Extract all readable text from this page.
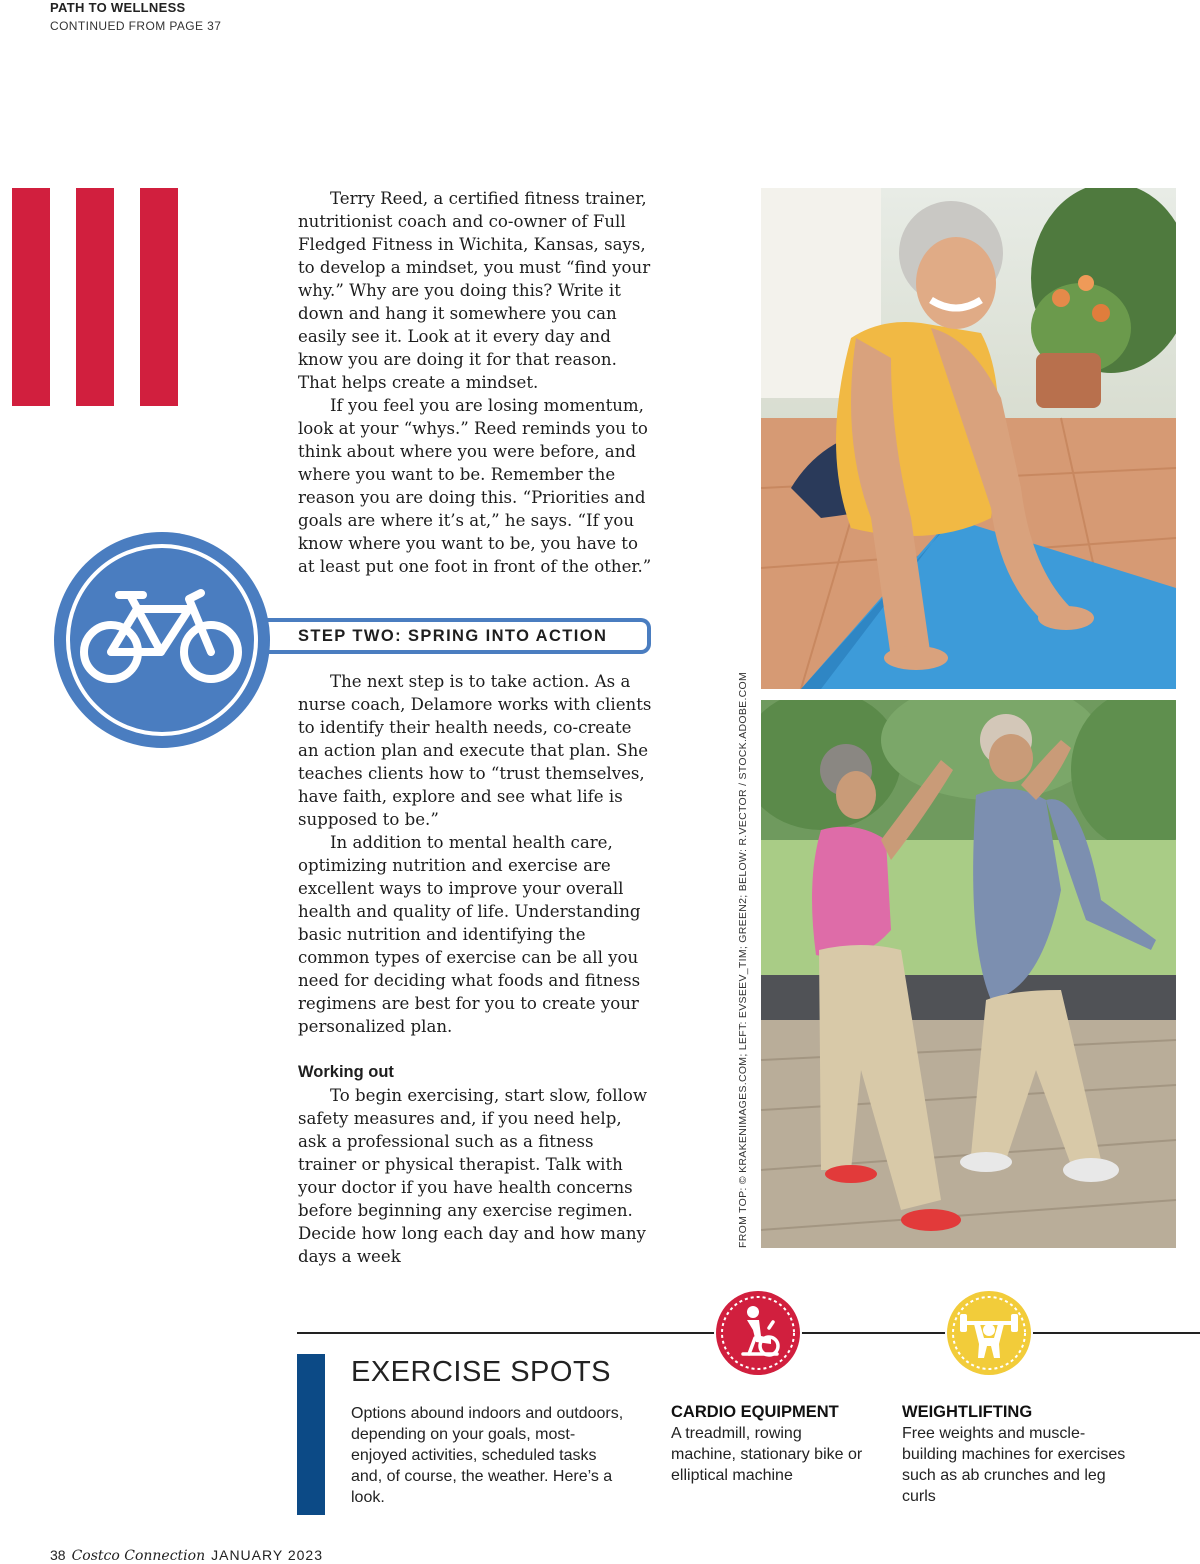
PATH TO WELLNESS
CONTINUED FROM PAGE 37

Terry Reed, a certified fitness trainer, nutritionist coach and co-owner of Full Fledged Fitness in Wichita, Kansas, says, to develop a mindset, you must “find your why.” Why are you doing this? Write it down and hang it somewhere you can easily see it. Look at it every day and know you are doing it for that reason. That helps create a mindset.

If you feel you are losing momentum, look at your “whys.” Reed reminds you to think about where you were before, and where you want to be. Remember the reason you are doing this. “Priorities and goals are where it’s at,” he says. “If you know where you want to be, you have to at least put one foot in front of the other.”

STEP TWO: SPRING INTO ACTION

The next step is to take action. As a nurse coach, Delamore works with clients to identify their health needs, co-create an action plan and execute that plan. She teaches clients how to “trust themselves, have faith, explore and see what life is supposed to be.”

In addition to mental health care, optimizing nutrition and exercise are excellent ways to improve your overall health and quality of life. Understanding basic nutrition and identifying the common types of exercise can be all you need for deciding what foods and fitness regimens are best for you to create your personalized plan.

Working out

To begin exercising, start slow, follow safety measures and, if you need help, ask a professional such as a fitness trainer or physical therapist. Talk with your doctor if you have health concerns before beginning any exercise regimen. Decide how long each day and how many days a week

FROM TOP: © KRAKENIMAGES.COM; LEFT: EVSEEV_TIM; GREEN2; BELOW: R.VECTOR / STOCK.ADOBE.COM
EXERCISE SPOTS
Options abound indoors and outdoors, depending on your goals, most-enjoyed activities, scheduled tasks and, of course, the weather. Here’s a look.
CARDIO EQUIPMENT
A treadmill, rowing machine, stationary bike or elliptical machine
WEIGHTLIFTING
Free weights and muscle-building machines for exercises such as ab crunches and leg curls
38 Costco Connection JANUARY 2023
